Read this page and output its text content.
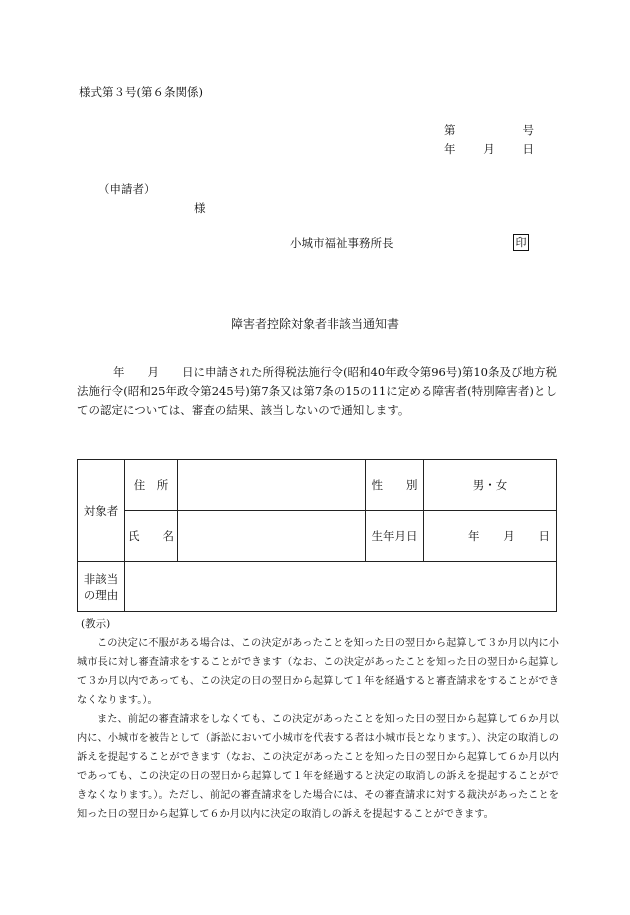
様式第３号(第６条関係)
第	号
年 月 日
（申請者）
様
小城市福祉事務所長	印
障害者控除対象者非該当通知書
年　　月　　日に申請された所得税法施行令(昭和40年政令第96号)第10条及び地方税法施行令(昭和25年政令第245号)第7条又は第7条の15の11に定める障害者(特別障害者)としての認定については、審査の結果、該当しないので通知します。
対象者	住　所		性　　別	男・女
	氏　　名		生年月日	年 月 日

非該当
の理由				

(教示)
この決定に不服がある場合は、この決定があったことを知った日の翌日から起算して３か月以内に小城市長に対し審査請求をすることができます（なお、この決定があったことを知った日の翌日から起算して３か月以内であっても、この決定の日の翌日から起算して１年を経過すると審査請求をすることができなくなります。）。
また、前記の審査請求をしなくても、この決定があったことを知った日の翌日から起算して６か月以内に、小城市を被告として（訴訟において小城市を代表する者は小城市長となります。）、決定の取消しの訴えを提起することができます（なお、この決定があったことを知った日の翌日から起算して６か月以内であっても、この決定の日の翌日から起算して１年を経過すると決定の取消しの訴えを提起することができなくなります。）。ただし、前記の審査請求をした場合には、その審査請求に対する裁決があったことを知った日の翌日から起算して６か月以内に決定の取消しの訴えを提起することができます。
